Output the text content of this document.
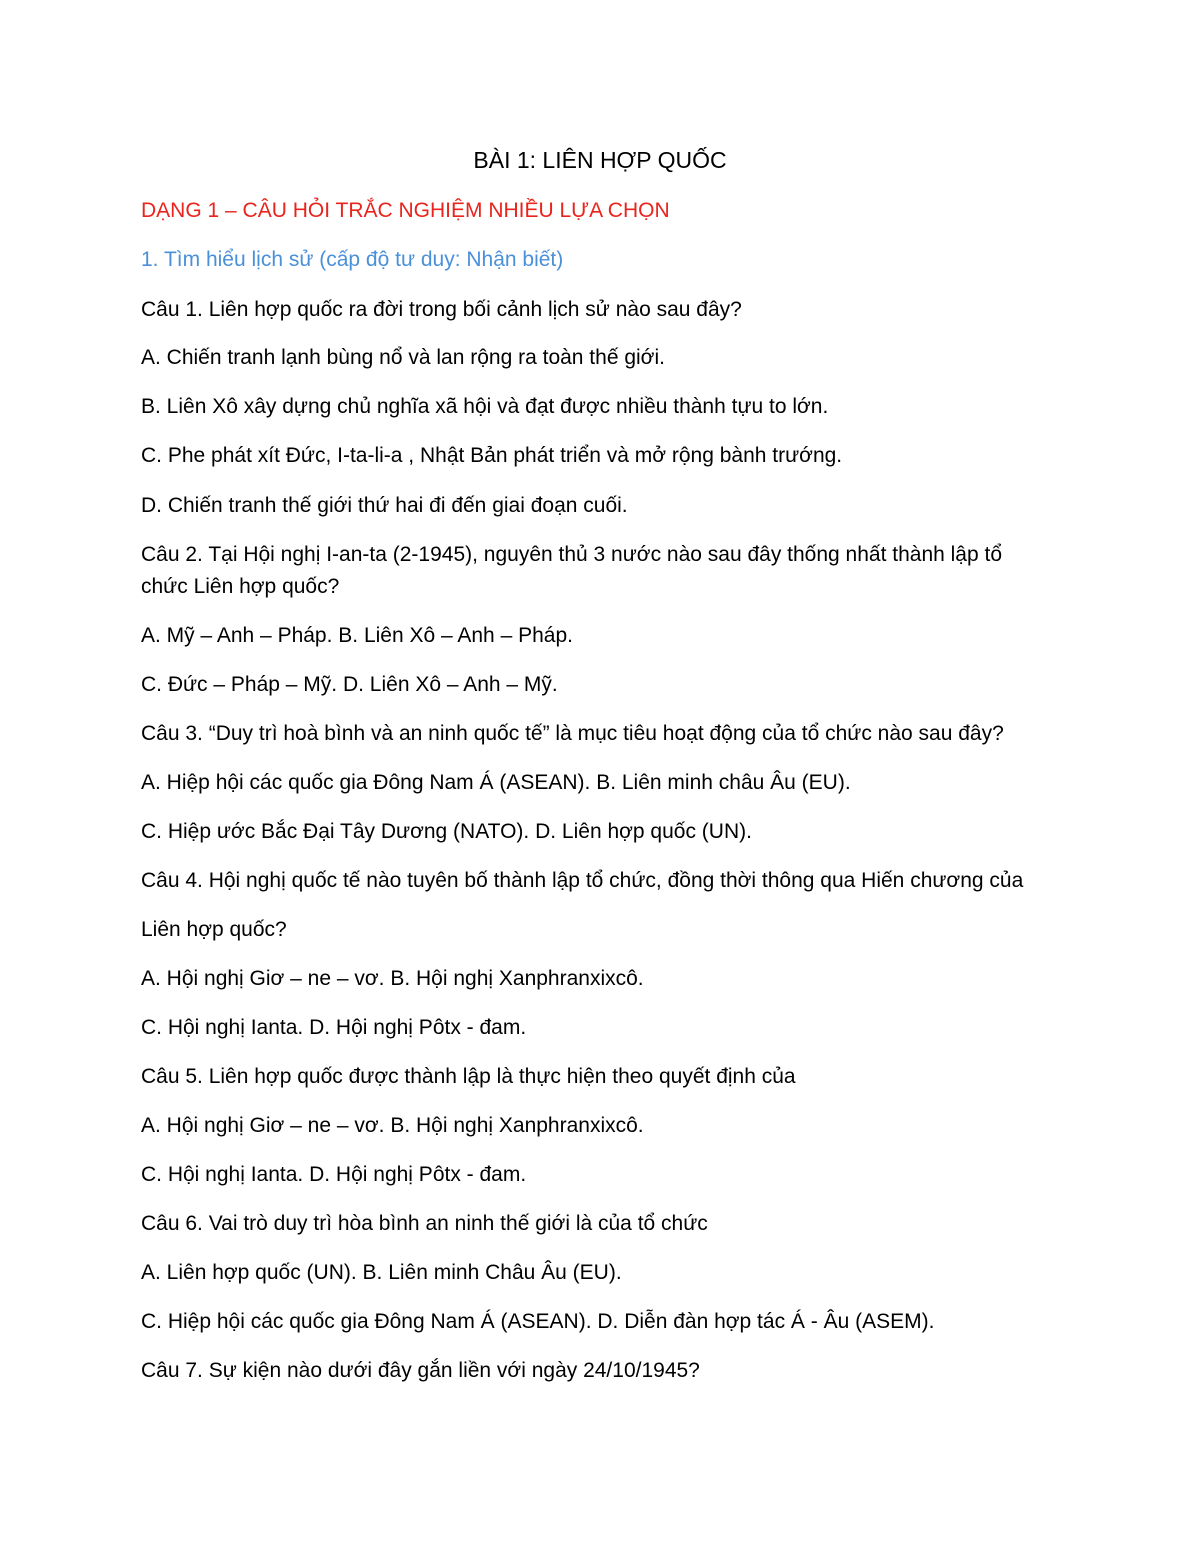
BÀI 1: LIÊN HỢP QUỐC
DẠNG 1 – CÂU HỎI TRẮC NGHIỆM NHIỀU LỰA CHỌN
1. Tìm hiểu lịch sử (cấp độ tư duy: Nhận biết)
Câu 1. Liên hợp quốc ra đời trong bối cảnh lịch sử nào sau đây?
A. Chiến tranh lạnh bùng nổ và lan rộng ra toàn thế giới.
B. Liên Xô xây dựng chủ nghĩa xã hội và đạt được nhiều thành tựu to lớn.
C. Phe phát xít Đức, I-ta-li-a , Nhật Bản phát triển và mở rộng bành trướng.
D. Chiến tranh thế giới thứ hai đi đến giai đoạn cuối.
Câu 2. Tại Hội nghị I-an-ta (2-1945), nguyên thủ 3 nước nào sau đây thống nhất thành lập tổ
chức Liên hợp quốc?
A. Mỹ – Anh – Pháp. B. Liên Xô – Anh – Pháp.
C. Đức – Pháp – Mỹ. D. Liên Xô – Anh – Mỹ.
Câu 3. “Duy trì hoà bình và an ninh quốc tế” là mục tiêu hoạt động của tổ chức nào sau đây?
A. Hiệp hội các quốc gia Đông Nam Á (ASEAN). B. Liên minh châu Âu (EU).
C. Hiệp ước Bắc Đại Tây Dương (NATO). D. Liên hợp quốc (UN).
Câu 4. Hội nghị quốc tế nào tuyên bố thành lập tổ chức, đồng thời thông qua Hiến chương của
Liên hợp quốc?
A. Hội nghị Giơ – ne – vơ. B. Hội nghị Xanphranxixcô.
C. Hội nghị Ianta. D. Hội nghị Pôtx - đam.
Câu 5. Liên hợp quốc được thành lập là thực hiện theo quyết định của
A. Hội nghị Giơ – ne – vơ. B. Hội nghị Xanphranxixcô.
C. Hội nghị Ianta. D. Hội nghị Pôtx - đam.
Câu 6. Vai trò duy trì hòa bình an ninh thế giới là của tổ chức
A. Liên hợp quốc (UN). B. Liên minh Châu Âu (EU).
C. Hiệp hội các quốc gia Đông Nam Á (ASEAN). D. Diễn đàn hợp tác Á - Âu (ASEM).
Câu 7. Sự kiện nào dưới đây gắn liền với ngày 24/10/1945?
